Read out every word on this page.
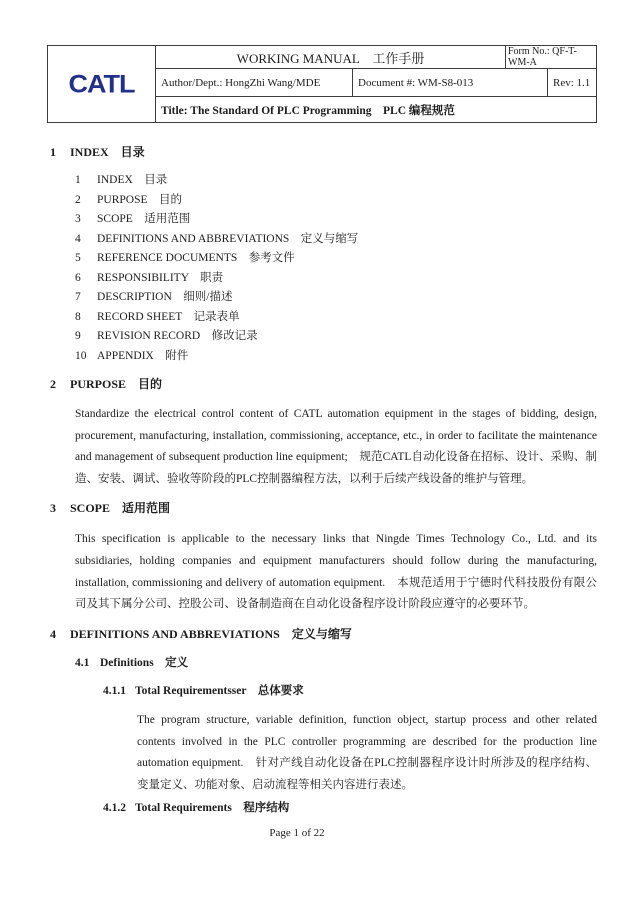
CATL
WORKING MANUAL　工作手册	Form No.: QF-T-WM-A
Author/Dept.: HongZhi Wang/MDE	Document #: WM-S8-013	Rev: 1.1
Title: The Standard Of PLC Programming　PLC 编程规范
1	INDEX　目录
1	INDEX　目录
2	PURPOSE　目的
3	SCOPE　适用范围
4	DEFINITIONS AND ABBREVIATIONS　定义与缩写
5	REFERENCE DOCUMENTS　参考文件
6	RESPONSIBILITY　职责
7	DESCRIPTION　细则/描述
8	RECORD SHEET　记录表单
9	REVISION RECORD　修改记录
10 APPENDIX　附件
2	PURPOSE　目的
Standardize the electrical control content of CATL automation equipment in the stages of bidding, design, procurement, manufacturing, installation, commissioning, acceptance, etc., in order to facilitate the maintenance and management of subsequent production line equipment;　规范CATL自动化设备在招标、设计、采购、制造、安装、调试、验收等阶段的PLC控制器编程方法，以利于后续产线设备的维护与管理。
3	SCOPE　适用范围
This specification is applicable to the necessary links that Ningde Times Technology Co., Ltd. and its subsidiaries, holding companies and equipment manufacturers should follow during the manufacturing, installation, commissioning and delivery of automation equipment.　本规范适用于宁德时代科技股份有限公司及其下属分公司、控股公司、设备制造商在自动化设备程序设计阶段应遵守的必要环节。
4	DEFINITIONS AND ABBREVIATIONS　定义与缩写
4.1 Definitions　定义
4.1.1 Total Requirementsser　总体要求
The program structure, variable definition, function object, startup process and other related contents involved in the PLC controller programming are described for the production line automation equipment.　针对产线自动化设备在PLC控制器程序设计时所涉及的程序结构、变量定义、功能对象、启动流程等相关内容进行表述。
4.1.2 Total Requirements　程序结构
Page 1 of 22
